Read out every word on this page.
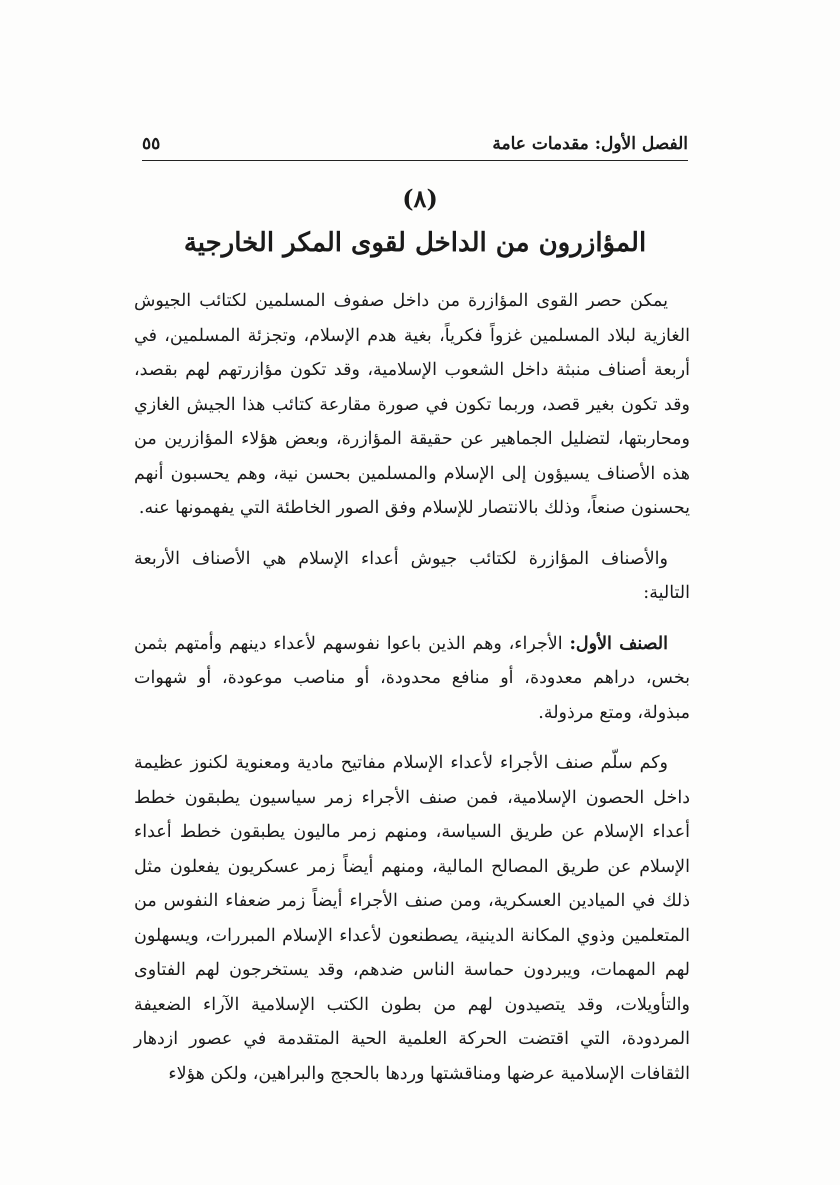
الفصل الأول: مقدمات عامة
٥٥
(٨)
المؤازرون من الداخل لقوى المكر الخارجية

يمكن حصر القوى المؤازرة من داخل صفوف المسلمين لكتائب الجيوش الغازية لبلاد المسلمين غزواً فكرياً، بغية هدم الإسلام، وتجزئة المسلمين، في أربعة أصناف منبثة داخل الشعوب الإسلامية، وقد تكون مؤازرتهم لهم بقصد، وقد تكون بغير قصد، وربما تكون في صورة مقارعة كتائب هذا الجيش الغازي ومحاربتها، لتضليل الجماهير عن حقيقة المؤازرة، وبعض هؤلاء المؤازرين من هذه الأصناف يسيؤون إلى الإسلام والمسلمين بحسن نية، وهم يحسبون أنهم يحسنون صنعاً، وذلك بالانتصار للإسلام وفق الصور الخاطئة التي يفهمونها عنه.

والأصناف المؤازرة لكتائب جيوش أعداء الإسلام هي الأصناف الأربعة التالية:

الصنف الأول: الأجراء، وهم الذين باعوا نفوسهم لأعداء دينهم وأمتهم بثمن بخس، دراهم معدودة، أو منافع محدودة، أو مناصب موعودة، أو شهوات مبذولة، ومتع مرذولة.

وكم سلّم صنف الأجراء لأعداء الإسلام مفاتيح مادية ومعنوية لكنوز عظيمة داخل الحصون الإسلامية، فمن صنف الأجراء زمر سياسيون يطبقون خطط أعداء الإسلام عن طريق السياسة، ومنهم زمر ماليون يطبقون خطط أعداء الإسلام عن طريق المصالح المالية، ومنهم أيضاً زمر عسكريون يفعلون مثل ذلك في الميادين العسكرية، ومن صنف الأجراء أيضاً زمر ضعفاء النفوس من المتعلمين وذوي المكانة الدينية، يصطنعون لأعداء الإسلام المبررات، ويسهلون لهم المهمات، ويبردون حماسة الناس ضدهم، وقد يستخرجون لهم الفتاوى والتأويلات، وقد يتصيدون لهم من بطون الكتب الإسلامية الآراء الضعيفة المردودة، التي اقتضت الحركة العلمية الحية المتقدمة في عصور ازدهار الثقافات الإسلامية عرضها ومناقشتها وردها بالحجج والبراهين، ولكن هؤلاء
